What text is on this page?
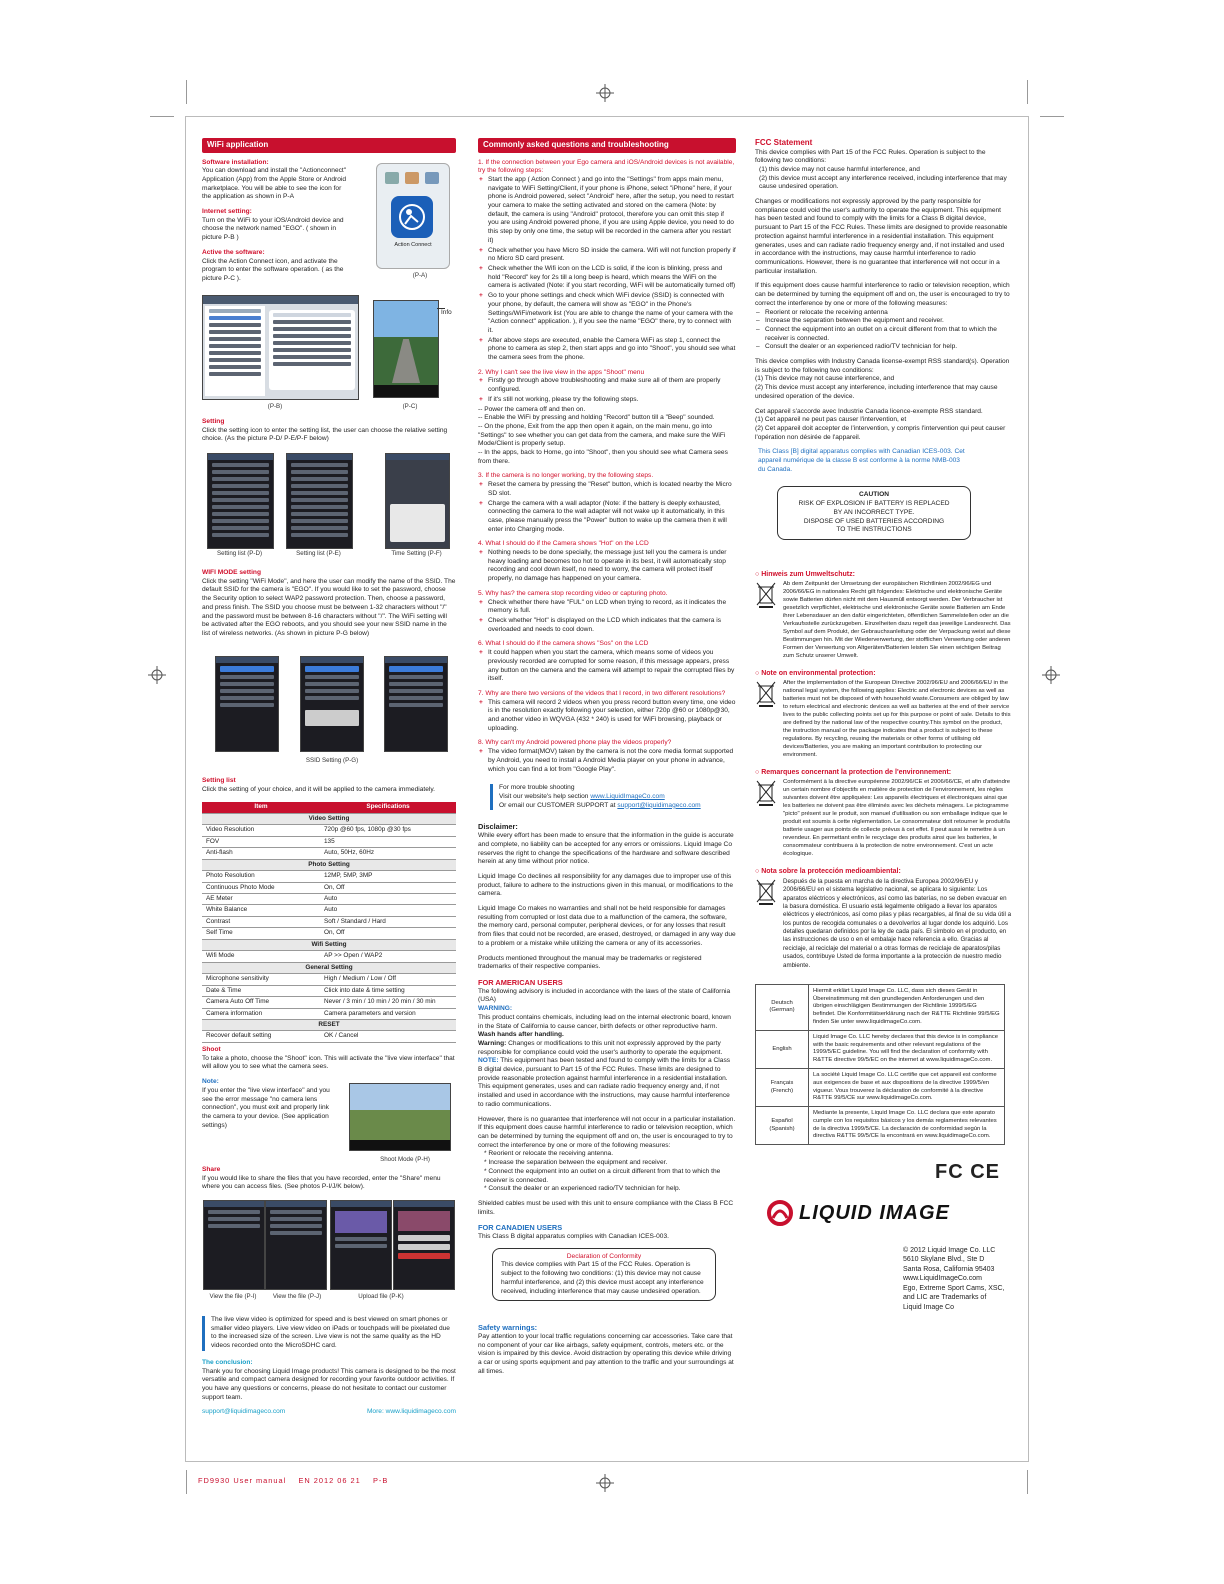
WiFi application
Software installation:
You can download and install the "Actionconnect" Application (App) from the Apple Store or Android marketplace. You will be able to see the icon for the application as shown in P-A
Internet setting:
Turn on the WiFi to your iOS/Android device and choose the network named "EGO". ( shown in picture P-B )
Active the software:
Click the Action Connect icon, and activate the program to enter the software operation. ( as the picture P-C ).
Action Connect
(P-A)
(P-B)
Info
(P-C)
Setting
Click the setting icon to enter the setting list, the user can choose the relative setting choice. (As the picture P-D/ P-E/P-F below)
Setting list (P-D)	Setting list (P-E)	Time Setting (P-F)
WIFI MODE setting
Click the setting "WiFi Mode", and here the user can modify the name of the SSID. The default SSID for the camera is "EGO". If you would like to set the password, choose the Security option to select WAP2 password protection. Then, choose a password, and press finish. The SSID you choose must be between 1-32 characters without "/" and the password must be between 8-16 characters without "/". The WiFi setting will be activated after the EGO reboots, and you should see your new SSID name in the list of wireless networks. (As shown in picture P-G below)
SSID Setting (P-G)
Setting list
Click the setting of your choice, and it will be applied to the camera immediately.
Item	Specifications
Video Setting	
Video Resolution	720p @60 fps, 1080p @30 fps
FOV	135
Anti-flash	Auto, 50Hz, 60Hz
Photo Setting	
Photo Resolution	12MP, 5MP, 3MP
Continuous Photo Mode	On, Off
AE Meter	Auto
White Balance	Auto
Contrast	Soft / Standard / Hard
Self Time	On, Off
Wifi Setting	
Wifi Mode	AP >> Open / WAP2
General Setting	
Microphone sensitivity	High / Medium / Low / Off
Date & Time	Click into date & time setting
Camera Auto Off Time	Never / 3 min / 10 min / 20 min / 30 min
Camera information	Camera parameters and version
RESET	
Recover default setting	OK / Cancel
Shoot
To take a photo, choose the "Shoot" icon. This will activate the "live view interface" that will allow you to see what the camera sees.
Note:
If you enter the "live view interface" and you see the error message "no camera lens connection", you must exit and properly link the camera to your device. (See application settings)
Shoot Mode (P-H)
Share
If you would like to share the files that you have recorded, enter the "Share" menu where you can access files. (See photos P-I/J/K below).
View the file (P-I)	View the file (P-J)	Upload file (P-K)
The live view video is optimized for speed and is best viewed on smart phones or smaller video players. Live view video on iPads or touchpads will be pixelated due to the increased size of the screen. Live view is not the same quality as the HD videos recorded onto the MicroSDHC card.
The conclusion:
Thank you for choosing Liquid Image products! This camera is designed to be the most versatile and compact camera designed for recording your favorite outdoor activities. If you have any questions or concerns, please do not hesitate to contact our customer support team.
support@liquidimageco.com	More: www.liquidimageco.com
Commonly asked questions and troubleshooting
1. If the connection between your Ego camera and iOS/Android devices is not available, try the following steps:
+ Start the app ( Action Connect ) and go into the "Settings" from apps main menu, navigate to WiFi Setting/Client, if your phone is iPhone, select "iPhone" here, if your phone is Android powered, select "Android" here, after the setup, you need to restart your camera to make the setting activated and stored on the camera (Note: by default, the camera is using "Android" protocol, therefore you can omit this step if you are using Android powered phone, if you are using Apple device, you need to do this step by only one time, the setup will be recorded in the camera after you restart it)
+ Check whether you have Micro SD inside the camera. Wifi will not function properly if no Micro SD card present.
+ Check whether the Wifi icon on the LCD is solid, if the icon is blinking, press and hold "Record" key for 2s till a long beep is heard, which means the WiFi on the camera is activated (Note: if you start recording, WiFi will be automatically turned off)
+ Go to your phone settings and check which WiFi device (SSID) is connected with your phone, by default, the camera will show as "EGO" in the Phone's Settings/WiFi/network list (You are able to change the name of your camera with the "Action connect" application. ), if you see the name "EGO" there, try to connect with it.
+ After above steps are executed, enable the Camera WiFi as step 1, connect the phone to camera as step 2, then start apps and go into "Shoot", you should see what the camera sees from the phone.
2. Why I can't see the live view in the apps "Shoot" menu
+ Firstly go through above troubleshooting and make sure all of them are properly configured.
+ If it's still not working, please try the following steps.
-- Power the camera off and then on.
-- Enable the WiFi by pressing and holding "Record" button till a "Beep" sounded.
-- On the phone, Exit from the app then open it again, on the main menu, go into "Settings" to see whether you can get data from the camera, and make sure the WiFi Mode/Client is properly setup.
-- In the apps, back to Home, go into "Shoot", then you should see what Camera sees from there.
3. If the camera is no longer working, try the following steps.
+ Reset the camera by pressing the "Reset" button, which is located nearby the Micro SD slot.
+ Charge the camera with a wall adaptor (Note: if the battery is deeply exhausted, connecting the camera to the wall adapter will not wake up it automatically, in this case, please manually press the "Power" button to wake up the camera then it will enter into Charging mode.
4. What I should do if the Camera shows "Hot" on the LCD
+ Nothing needs to be done specially, the message just tell you the camera is under heavy loading and becomes too hot to operate in its best, it will automatically stop recording and cool down itself, no need to worry, the camera will protect itself properly, no damage has happened on your camera.
5. Why has? the camera stop recording video or capturing photo.
+ Check whether there have "FUL" on LCD when trying to record, as it indicates the memory is full.
+ Check whether "Hot" is displayed on the LCD which indicates that the camera is overloaded and needs to cool down.
6. What I should do if the camera shows "Sos" on the LCD
+ It could happen when you start the camera, which means some of videos you previously recorded are corrupted for some reason, if this message appears, press any button on the camera and the camera will attempt to repair the corrupted files by itself.
7. Why are there two versions of the videos that I record, in two different resolutions?
+ This camera will record 2 videos when you press record button every time, one video is in the resolution exactly following your selection, either 720p @60 or 1080p@30, and another video in WQVGA (432 * 240) is used for WiFi browsing, playback or uploading.
8. Why can't my Android powered phone play the videos properly?
+ The video format(MOV) taken by the camera is not the core media format supported by Android, you need to install a Android Media player on your phone in advance, which you can find a lot from "Google Play".
For more trouble shooting
Visit our website's help section www.LiquidImageCo.com
Or email our CUSTOMER SUPPORT at support@liquidimageco.com
Disclaimer:
While every effort has been made to ensure that the information in the guide is accurate and complete, no liability can be accepted for any errors or omissions. Liquid Image Co reserves the right to change the specifications of the hardware and software described herein at any time without prior notice.
Liquid Image Co declines all responsibility for any damages due to improper use of this product, failure to adhere to the instructions given in this manual, or modifications to the camera.
Liquid Image Co makes no warranties and shall not be held responsible for damages resulting from corrupted or lost data due to a malfunction of the camera, the software, the memory card, personal computer, peripheral devices, or for any losses that result from files that could not be recorded, are erased, destroyed, or damaged in any way due to a problem or a mistake while utilizing the camera or any of its accessories.
Products mentioned throughout the manual may be trademarks or registered trademarks of their respective companies.
FOR AMERICAN USERS
The following advisory is included in accordance with the laws of the state of California (USA)
WARNING:
This product contains chemicals, including lead on the internal electronic board, known in the State of California to cause cancer, birth defects or other reproductive harm. Wash hands after handling.
Warning: Changes or modifications to this unit not expressly approved by the party responsible for compliance could void the user's authority to operate the equipment.
NOTE: This equipment has been tested and found to comply with the limits for a Class B digital device, pursuant to Part 15 of the FCC Rules. These limits are designed to provide reasonable protection against harmful interference in a residential installation. This equipment generates, uses and can radiate radio frequency energy and, if not installed and used in accordance with the instructions, may cause harmful interference to radio communications.
However, there is no guarantee that interference will not occur in a particular installation. If this equipment does cause harmful interference to radio or television reception, which can be determined by turning the equipment off and on, the user is encouraged to try to correct the interference by one or more of the following measures:
* Reorient or relocate the receiving antenna.
* Increase the separation between the equipment and receiver.
* Connect the equipment into an outlet on a circuit different from that to which the receiver is connected.
* Consult the dealer or an experienced radio/TV technician for help.
Shielded cables must be used with this unit to ensure compliance with the Class B FCC limits.
FOR CANADIEN USERS
This Class B digital apparatus complies with Canadian ICES-003.
Declaration of Conformity
This device complies with Part 15 of the FCC Rules. Operation is subject to the following two conditions: (1) this device may not cause harmful interference, and (2) this device must accept any interference received, including interference that may cause undesired operation.
Safety warnings:
Pay attention to your local traffic regulations concerning car accessories. Take care that no component of your car like airbags, safety equipment, controls, meters etc. or the vision is impaired by this device. Avoid distraction by operating this device while driving a car or using sports equipment and pay attention to the traffic and your surroundings at all times.
FCC Statement
This device complies with Part 15 of the FCC Rules. Operation is subject to the following two conditions:
(1) this device may not cause harmful interference, and
(2) this device must accept any interference received, including interference that may cause undesired operation.
Changes or modifications not expressly approved by the party responsible for compliance could void the user's authority to operate the equipment. This equipment has been tested and found to comply with the limits for a Class B digital device, pursuant to Part 15 of the FCC Rules. These limits are designed to provide reasonable protection against harmful interference in a residential installation. This equipment generates, uses and can radiate radio frequency energy and, if not installed and used in accordance with the instructions, may cause harmful interference to radio communications. However, there is no guarantee that interference will not occur in a particular installation.
If this equipment does cause harmful interference to radio or television reception, which can be determined by turning the equipment off and on, the user is encouraged to try to correct the interference by one or more of the following measures:
– Reorient or relocate the receiving antenna
– Increase the separation between the equipment and receiver.
– Connect the equipment into an outlet on a circuit different from that to which the receiver is connected.
– Consult the dealer or an experienced radio/TV technician for help.
This device complies with Industry Canada license-exempt RSS standard(s). Operation is subject to the following two conditions:
(1) This device may not cause interference, and
(2) This device must accept any interference, including interference that may cause undesired operation of the device.
Cet appareil s'accorde avec Industrie Canada licence-exempte RSS standard.
(1) Cet appareil ne peut pas causer l'intervention, et
(2) Cet appareil doit accepter de l'intervention, y compris l'intervention qui peut causer l'opération non désirée de l'appareil.
This Class [B] digital apparatus complies with Canadian ICES-003. Cet appareil numérique de la classe B est conforme à la norme NMB-003 du Canada.
CAUTION
RISK OF EXPLOSION IF BATTERY IS REPLACED
BY AN INCORRECT TYPE.
DISPOSE OF USED BATTERIES ACCORDING
TO THE INSTRUCTIONS
○ Hinweis zum Umweltschutz:
Ab dem Zeitpunkt der Umsetzung der europäischen Richtlinien 2002/96/EG und 2006/66/EG in nationales Recht gilt folgendes: Elektrische und elektronische Geräte sowie Batterien dürfen nicht mit dem Hausmüll entsorgt werden. Der Verbraucher ist gesetzlich verpflichtet, elektrische und elektronische Geräte sowie Batterien am Ende ihrer Lebensdauer an den dafür eingerichteten, öffentlichen Sammelstellen oder an die Verkaufsstelle zurückzugeben. Einzelheiten dazu regelt das jeweilige Landesrecht. Das Symbol auf dem Produkt, der Gebrauchsanleitung oder der Verpackung weist auf diese Bestimmungen hin. Mit der Wiederverwertung, der stofflichen Verwertung oder anderen Formen der Verwertung von Altgeräten/Batterien leisten Sie einen wichtigen Beitrag zum Schutz unserer Umwelt.
○ Note on environmental protection:
After the implementation of the European Directive 2002/96/EU and 2006/66/EU in the national legal system, the following applies: Electric and electronic devices as well as batteries must not be disposed of with household waste.Consumers are obliged by law to return electrical and electronic devices as well as batteries at the end of their service lives to the public collecting points set up for this purpose or point of sale. Details to this are defined by the national law of the respective country.This symbol on the product, the instruction manual or the package indicates that a product is subject to these regulations. By recycling, reusing the materials or other forms of utilising old devices/Batteries, you are making an important contribution to protecting our environment.
○ Remarques concernant la protection de l'environnement:
Conformément à la directive européenne 2002/96/CE et 2006/66/CE, et afin d'atteindre un certain nombre d'objectifs en matière de protection de l'environnement, les règles suivantes doivent être appliquées: Les appareils électriques et électroniques ainsi que les batteries ne doivent pas être éliminés avec les déchets ménagers. Le pictogramme "picto" présent sur le produit, son manuel d'utilisation ou son emballage indique que le produit est soumis à cette réglementation. Le consommateur doit retourner le produit/la batterie usager aux points de collecte prévus à cet effet. Il peut aussi le remettre à un revendeur. En permettant enfin le recyclage des produits ainsi que les batteries, le consommateur contribuera à la protection de notre environnement. C'est un acte écologique.
○ Nota sobre la protección medioambiental:
Después de la puesta en marcha de la directiva Europea 2002/96/EU y 2006/66/EU en el sistema legislativo nacional, se aplicara lo siguiente: Los aparatos eléctricos y electrónicos, así como las baterías, no se deben evacuar en la basura doméstica. El usuario está legalmente obligado a llevar los aparatos eléctricos y electrónicos, así como pilas y pilas recargables, al final de su vida útil a los puntos de recogida comunales o a devolverlos al lugar donde los adquirió. Los detalles quedaran definidos por la ley de cada país. El símbolo en el producto, en las instrucciones de uso o en el embalaje hace referencia a ello. Gracias al reciclaje, al reciclaje del material o a otras formas de reciclaje de aparatos/pilas usados, contribuye Usted de forma importante a la protección de nuestro medio ambiente.
Deutsch (German)	Hiermit erklärt Liquid Image Co. LLC, dass sich dieses Gerät in Übereinstimmung mit den grundlegenden Anforderungen und den übrigen einschlägigen Bestimmungen der Richtlinie 1999/5/EG befindet. Die Konformitätserklärung nach der R&TTE Richtlinie 99/5/EG finden Sie unter www.liquidimageCo.com.
English	Liquid Image Co. LLC hereby declares that this device is in compliance with the basic requirements and other relevant regulations of the 1999/5/EC guideline. You will find the declaration of conformity with R&TTE directive 99/5/EC on the internet at www.liquidimageCo.com.
Français (French)	La société Liquid Image Co. LLC certifie que cet appareil est conforme aux exigences de base et aux dispositions de la directive 1999/5/en vigueur. Vous trouverez la déclaration de conformité à la directive R&TTE 99/5/CE sur www.liquidimageCo.com.
Español (Spanish)	Mediante la presente, Liquid Image Co. LLC declara que este aparato cumple con los requisitos básicos y los demás reglamentes relevantes de la directiva 1999/5/CE. La declaración de conformidad según la directiva R&TTE 99/5/CE la encontrará en www.liquidimageCo.com.
FC CE
LIQUID IMAGE
© 2012 Liquid Image Co. LLC
5610 Skylane Blvd., Ste D
Santa Rosa, California 95403
www.LiquidImageCo.com
Ego, Extreme Sport Cams, XSC,
and LIC are Trademarks of
Liquid Image Co
FD9930 User manual    EN 2012 06 21    P-B
